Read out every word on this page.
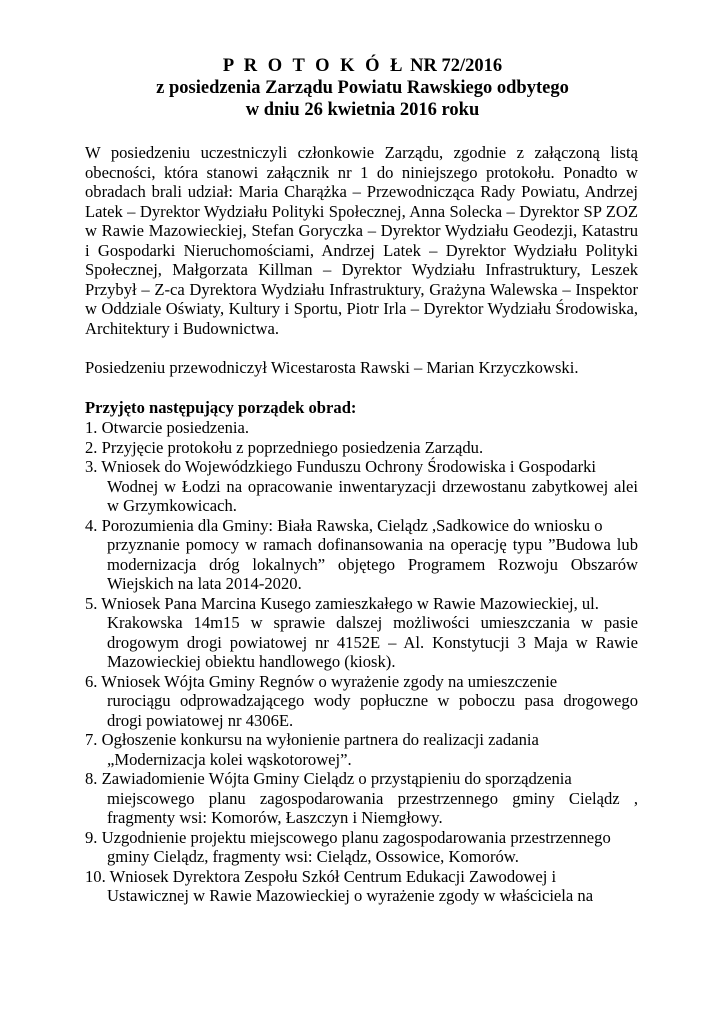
P R O T O K Ó Ł NR 72/2016
z posiedzenia Zarządu Powiatu Rawskiego odbytego
w dniu 26 kwietnia 2016 roku

W posiedzeniu uczestniczyli członkowie Zarządu, zgodnie z załączoną listą obecności, która stanowi załącznik nr 1 do niniejszego protokołu. Ponadto w obradach brali udział: Maria Charążka – Przewodnicząca Rady Powiatu, Andrzej Latek – Dyrektor Wydziału Polityki Społecznej, Anna Solecka – Dyrektor SP ZOZ w Rawie Mazowieckiej, Stefan Goryczka – Dyrektor Wydziału Geodezji, Katastru i Gospodarki Nieruchomościami, Andrzej Latek – Dyrektor Wydziału Polityki Społecznej, Małgorzata Killman – Dyrektor Wydziału Infrastruktury, Leszek Przybył – Z-ca Dyrektora Wydziału Infrastruktury, Grażyna Walewska – Inspektor w Oddziale Oświaty, Kultury i Sportu, Piotr Irla – Dyrektor Wydziału Środowiska, Architektury i Budownictwa.

Posiedzeniu przewodniczył Wicestarosta Rawski – Marian Krzyczkowski.
Przyjęto następujący porządek obrad:
1. Otwarcie posiedzenia.
2. Przyjęcie protokołu z poprzedniego posiedzenia Zarządu.
3. Wniosek do Wojewódzkiego Funduszu Ochrony Środowiska i Gospodarki
Wodnej w Łodzi na opracowanie inwentaryzacji drzewostanu zabytkowej alei w Grzymkowicach.
4. Porozumienia dla Gminy: Biała Rawska, Cielądz ,Sadkowice do wniosku o
przyznanie pomocy w ramach dofinansowania na operację typu ”Budowa lub modernizacja dróg lokalnych” objętego Programem Rozwoju Obszarów Wiejskich na lata 2014-2020.
5. Wniosek Pana Marcina Kusego zamieszkałego w Rawie Mazowieckiej, ul.
Krakowska 14m15 w sprawie dalszej możliwości umieszczania w pasie drogowym drogi powiatowej nr 4152E – Al. Konstytucji 3 Maja w Rawie Mazowieckiej obiektu handlowego (kiosk).
6. Wniosek Wójta Gminy Regnów o wyrażenie zgody na umieszczenie
rurociągu odprowadzającego wody popłuczne w poboczu pasa drogowego drogi powiatowej nr 4306E.
7. Ogłoszenie konkursu na wyłonienie partnera do realizacji zadania
„Modernizacja kolei wąskotorowej”.
8. Zawiadomienie Wójta Gminy Cielądz o przystąpieniu do sporządzenia
miejscowego planu zagospodarowania przestrzennego gminy Cielądz , fragmenty wsi: Komorów, Łaszczyn i Niemgłowy.
9. Uzgodnienie projektu miejscowego planu zagospodarowania przestrzennego
gminy Cielądz, fragmenty wsi: Cielądz, Ossowice, Komorów.
10. Wniosek Dyrektora Zespołu Szkół Centrum Edukacji Zawodowej i
Ustawicznej w Rawie Mazowieckiej o wyrażenie zgody w właściciela na
